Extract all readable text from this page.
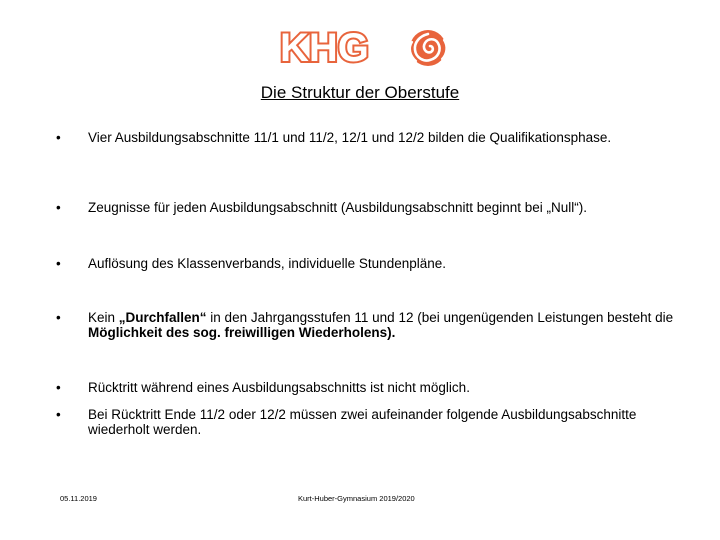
KHG
Die Struktur der Oberstufe
• Vier Ausbildungsabschnitte 11/1 und 11/2, 12/1 und 12/2 bilden die Qualifikationsphase.
• Zeugnisse für jeden Ausbildungsabschnitt (Ausbildungsabschnitt beginnt bei „Null“).
• Auflösung des Klassenverbands, individuelle Stundenpläne.
• Kein „Durchfallen“ in den Jahrgangsstufen 11 und 12 (bei ungenügenden Leistungen besteht die Möglichkeit des sog. freiwilligen Wiederholens).
• Rücktritt während eines Ausbildungsabschnitts ist nicht möglich.
• Bei Rücktritt Ende 11/2 oder 12/2 müssen zwei aufeinander folgende Ausbildungsabschnitte wiederholt werden.
05.11.2019	Kurt-Huber-Gymnasium 2019/2020
